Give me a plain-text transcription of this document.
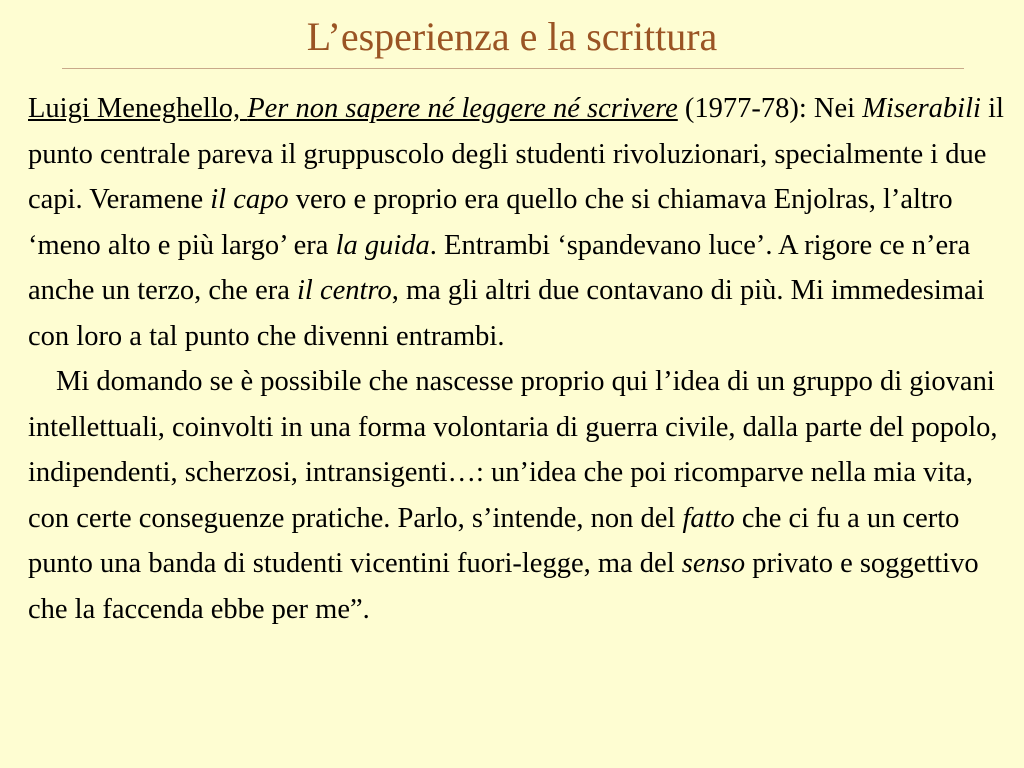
L’esperienza e la scrittura

Luigi Meneghello, Per non sapere né leggere né scrivere (1977-78): Nei Miserabili il punto centrale pareva il gruppuscolo degli studenti rivoluzionari, specialmente i due capi. Veramene il capo vero e proprio era quello che si chiamava Enjolras, l’altro ‘meno alto e più largo’ era la guida. Entrambi ‘spandevano luce’. A rigore ce n’era anche un terzo, che era il centro, ma gli altri due contavano di più. Mi immedesimai con loro a tal punto che divenni entrambi.

Mi domando se è possibile che nascesse proprio qui l’idea di un gruppo di giovani intellettuali, coinvolti in una forma volontaria di guerra civile, dalla parte del popolo, indipendenti, scherzosi, intransigenti…: un’idea che poi ricomparve nella mia vita, con certe conseguenze pratiche. Parlo, s’intende, non del fatto che ci fu a un certo punto una banda di studenti vicentini fuori-legge, ma del senso privato e soggettivo che la faccenda ebbe per me”.
